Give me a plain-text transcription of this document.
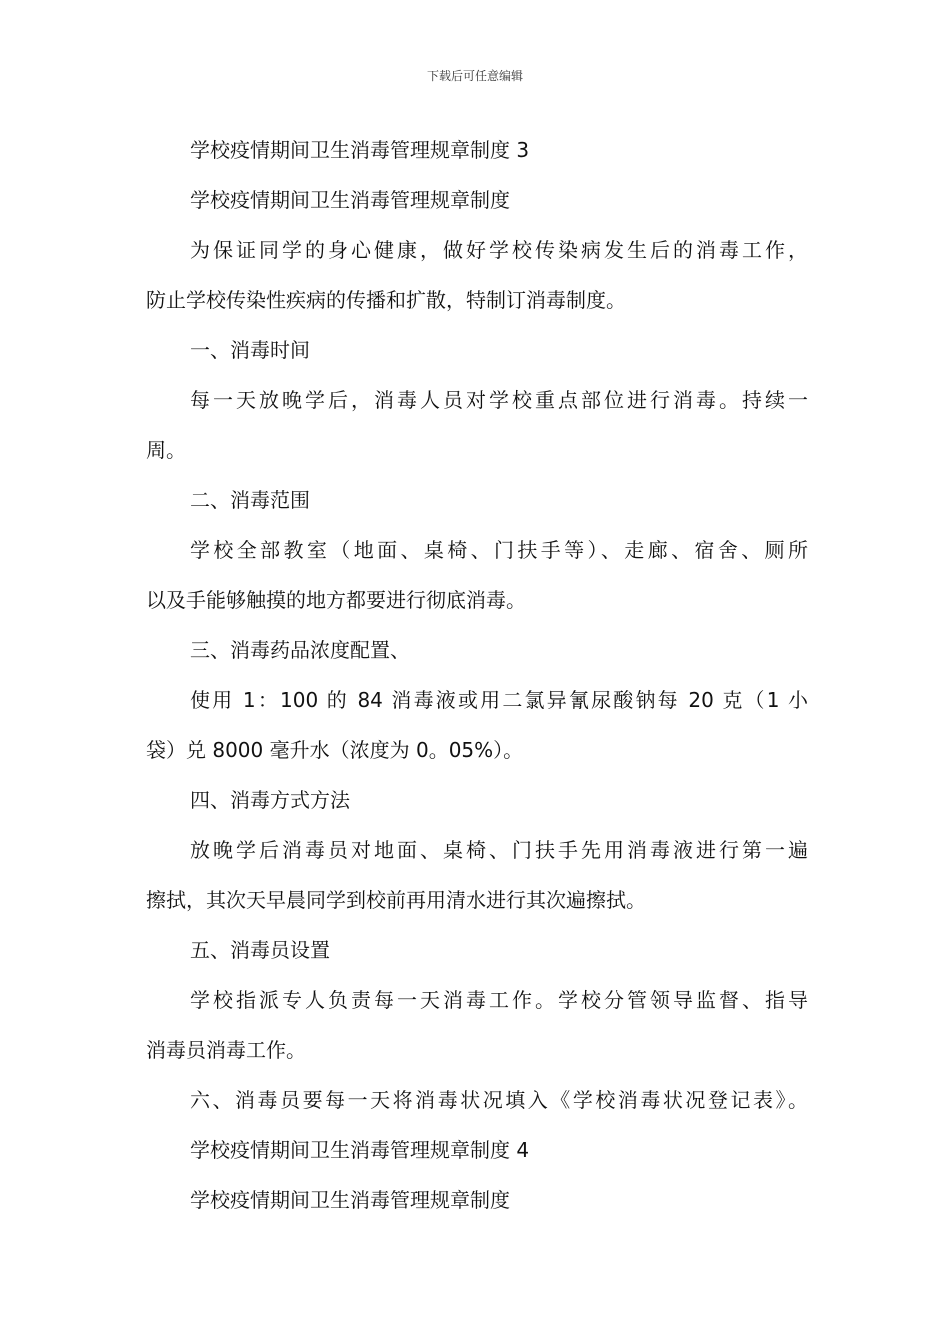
下载后可任意编辑
学校疫情期间卫生消毒管理规章制度 3
学校疫情期间卫生消毒管理规章制度
为保证同学的身心健康，做好学校传染病发生后的消毒工作，
防止学校传染性疾病的传播和扩散，特制订消毒制度。
一、消毒时间
每一天放晚学后，消毒人员对学校重点部位进行消毒。持续一
周。
二、消毒范围
学校全部教室（地面、桌椅、门扶手等）、走廊、宿舍、厕所
以及手能够触摸的地方都要进行彻底消毒。
三、消毒药品浓度配置、
使用 1：100 的 84 消毒液或用二氯异氰尿酸钠每 20 克（1 小
袋）兑 8000 毫升水（浓度为 0。05%）。
四、消毒方式方法
放晚学后消毒员对地面、桌椅、门扶手先用消毒液进行第一遍
擦拭，其次天早晨同学到校前再用清水进行其次遍擦拭。
五、消毒员设置
学校指派专人负责每一天消毒工作。学校分管领导监督、指导
消毒员消毒工作。
六、消毒员要每一天将消毒状况填入《学校消毒状况登记表》。
学校疫情期间卫生消毒管理规章制度 4
学校疫情期间卫生消毒管理规章制度
